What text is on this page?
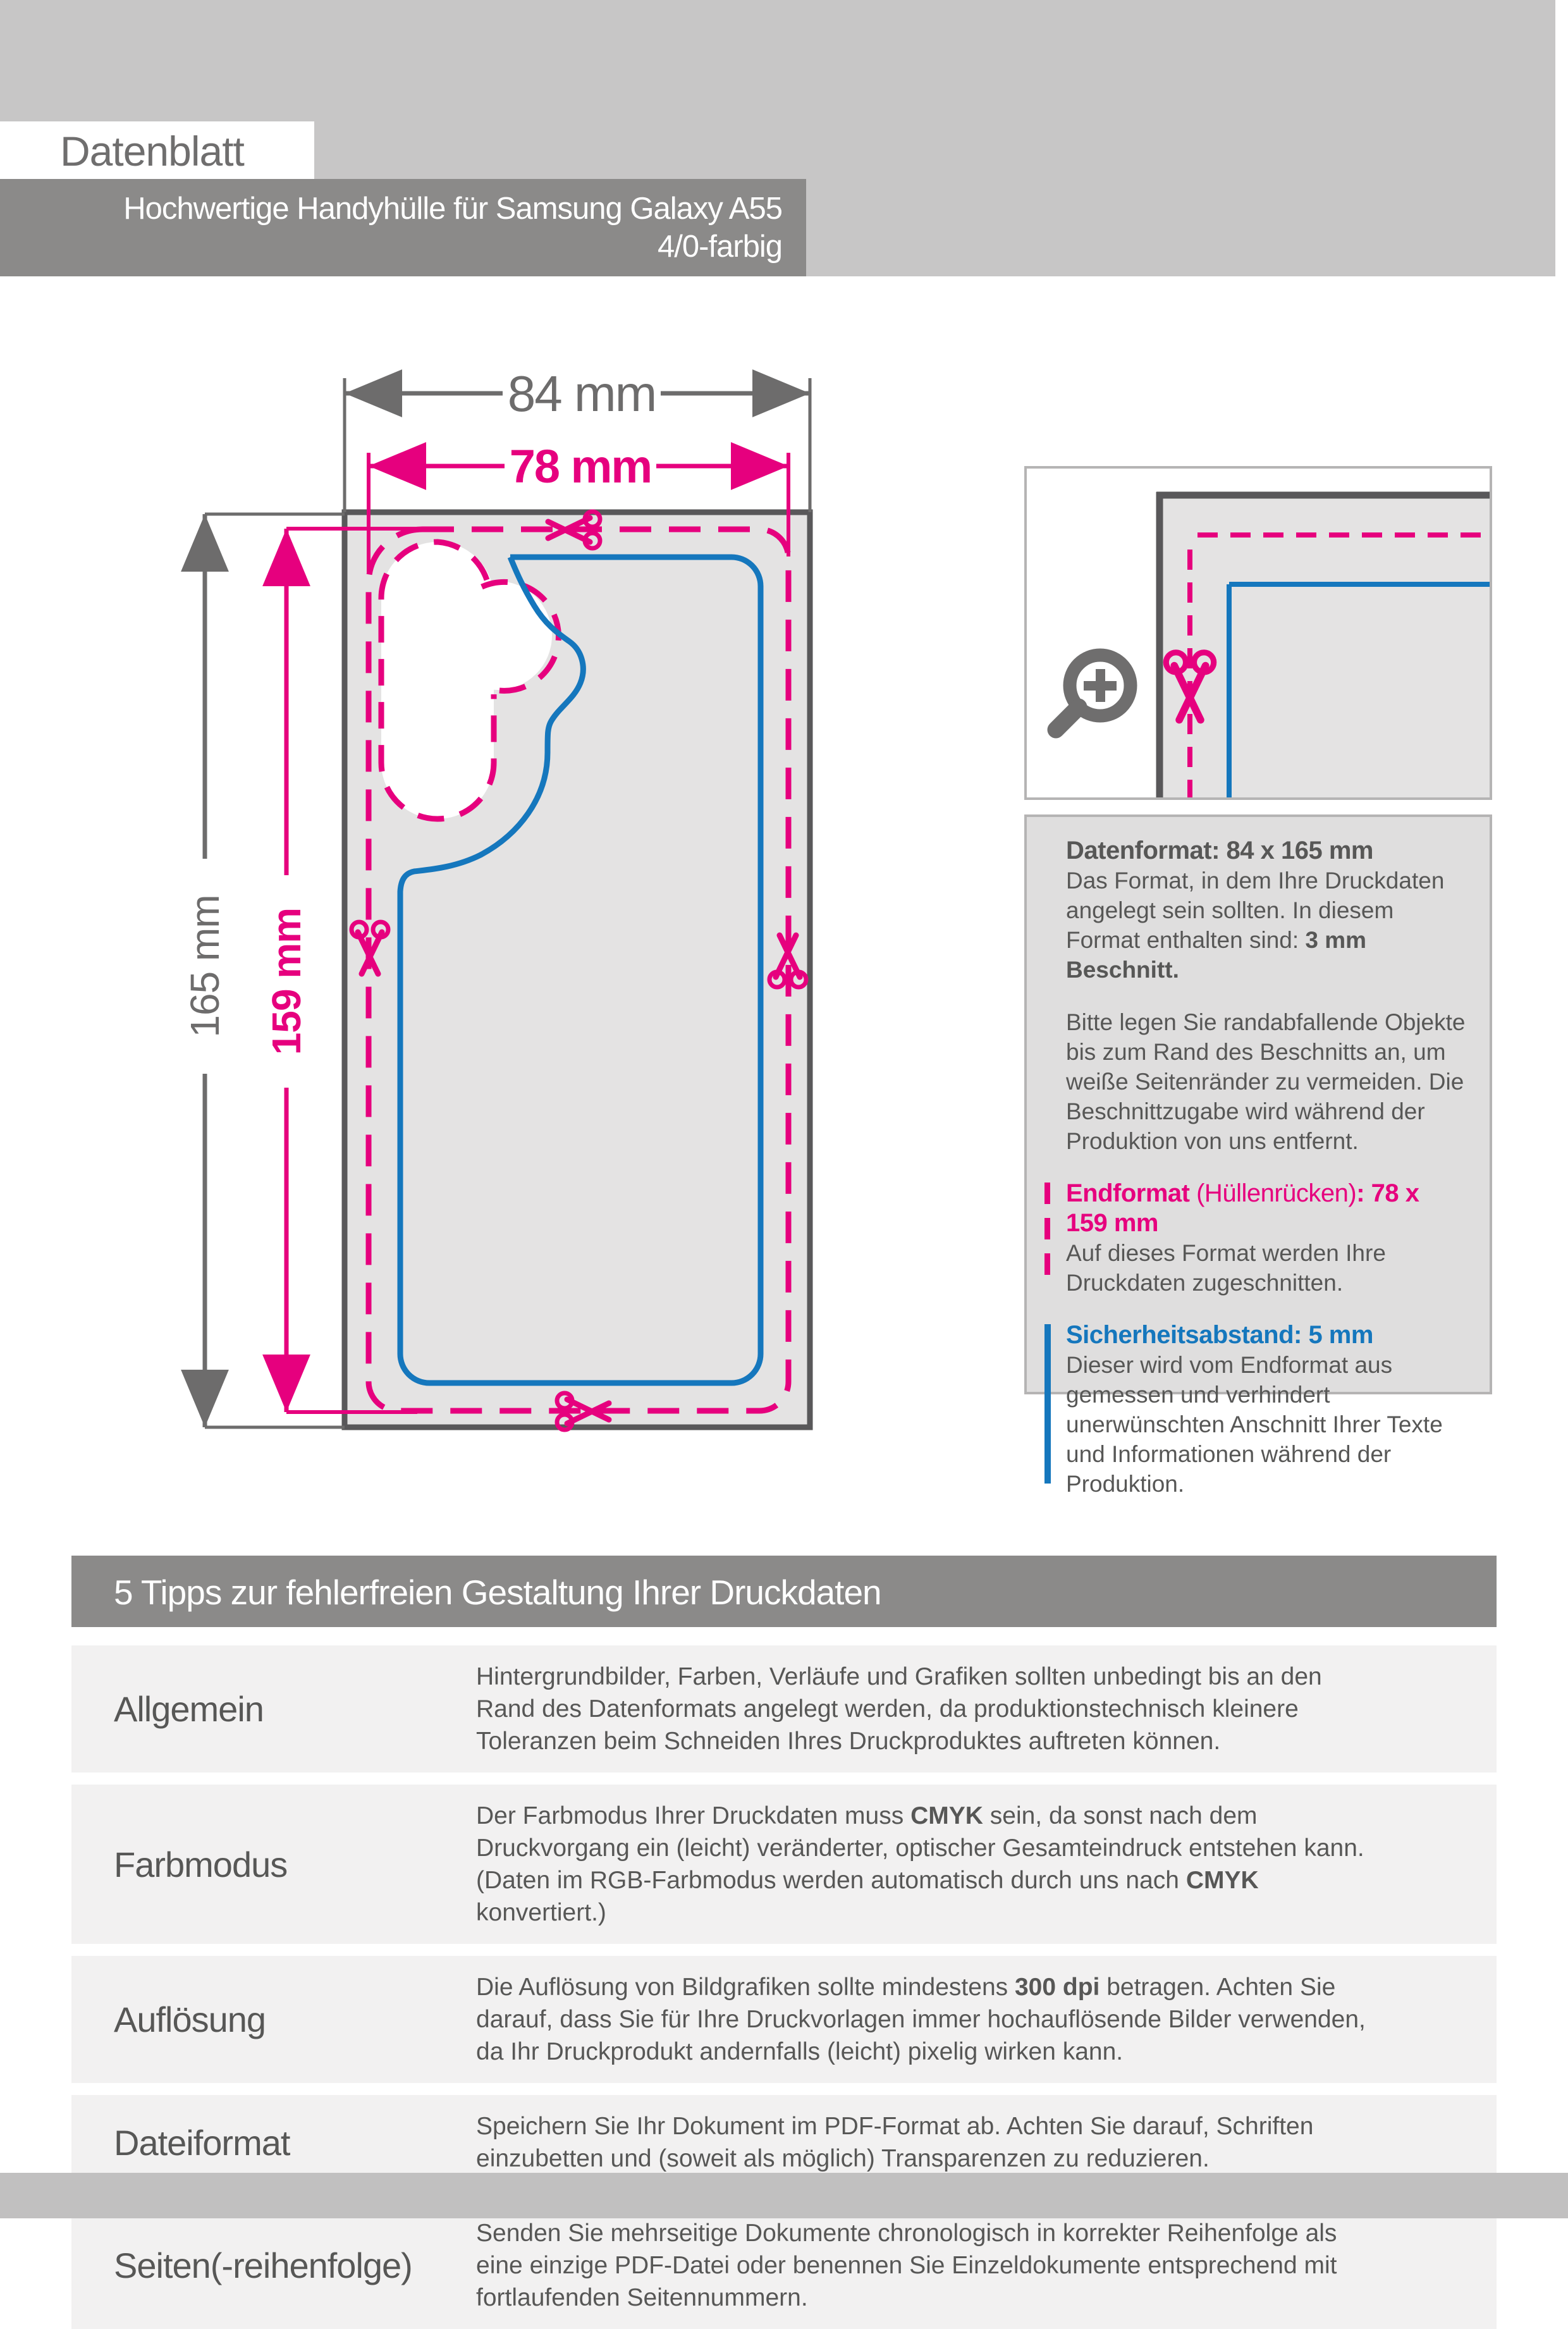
Datenblatt
Hochwertige Handyhülle für Samsung Galaxy A55
4/0-farbig
84 mm
78 mm
165 mm 159 mm
Datenformat: 84 x 165 mm
Das Format, in dem Ihre Druckdaten angelegt sein sollten. In diesem Format enthalten sind: 3 mm Beschnitt.
Bitte legen Sie randabfallende Objekte bis zum Rand des Beschnitts an, um weiße Seitenränder zu vermeiden. Die Beschnittzugabe wird während der Produktion von uns entfernt.
Endformat (Hüllenrücken): 78 x 159 mm
Auf dieses Format werden Ihre Druckdaten zugeschnitten.
Sicherheitsabstand: 5 mm
Dieser wird vom Endformat aus gemessen und verhindert unerwünschten Anschnitt Ihrer Texte und Informationen während der Produktion.
5 Tipps zur fehlerfreien Gestaltung Ihrer Druckdaten
Allgemein
Hintergrundbilder, Farben, Verläufe und Grafiken sollten unbedingt bis an den Rand des Datenformats angelegt werden, da produktionstechnisch kleinere Toleranzen beim Schneiden Ihres Druckproduktes auftreten können.
Farbmodus
Der Farbmodus Ihrer Druckdaten muss CMYK sein, da sonst nach dem Druckvorgang ein (leicht) veränderter, optischer Gesamteindruck entstehen kann. (Daten im RGB-Farbmodus werden automatisch durch uns nach CMYK konvertiert.)
Auflösung
Die Auflösung von Bildgrafiken sollte mindestens 300 dpi betragen. Achten Sie darauf, dass Sie für Ihre Druckvorlagen immer hochauflösende Bilder verwenden, da Ihr Druckprodukt andernfalls (leicht) pixelig wirken kann.
Dateiformat	Speichern Sie Ihr Dokument im PDF-Format ab. Achten Sie darauf, Schriften einzubetten und (soweit als möglich) Transparenzen zu reduzieren.
Seiten(-reihenfolge)
Senden Sie mehrseitige Dokumente chronologisch in korrekter Reihenfolge als eine einzige PDF-Datei oder benennen Sie Einzeldokumente entsprechend mit fortlaufenden Seitennummern.
